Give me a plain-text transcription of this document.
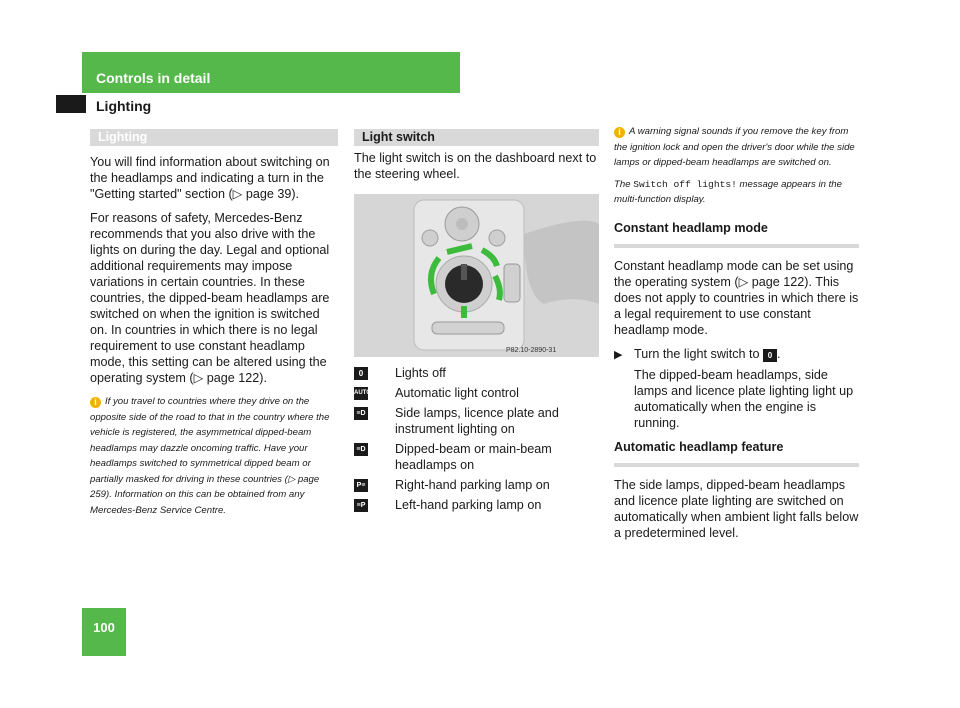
Controls in detail
Lighting
100
Lighting

You will find information about switching on the headlamps and indicating a turn in the "Getting started" section (▷ page 39).

For reasons of safety, Mercedes-Benz recommends that you also drive with the lights on during the day. Legal and optional additional requirements may impose variations in certain countries. In these countries, the dipped-beam headlamps are switched on when the ignition is switched on. In countries in which there is no legal requirement to use constant headlamp mode, this setting can be altered using the operating system (▷ page 122).

i If you travel to countries where they drive on the opposite side of the road to that in the country where the vehicle is registered, the asymmetrical dipped-beam headlamps may dazzle oncoming traffic. Have your headlamps switched to symmetrical dipped beam or partially masked for driving in these countries (▷ page 259). Information on this can be obtained from any Mercedes-Benz Service Centre.
Light switch

The light switch is on the dashboard next to the steering wheel.

P82.10-2890-31
0	Lights off
AUTO Automatic light control
≡D Side lamps, licence plate and instrument lighting on
≡D Dipped-beam or main-beam headlamps on
P≡ Right-hand parking lamp on
≡P Left-hand parking lamp on
i A warning signal sounds if you remove the key from the ignition lock and open the driver's door while the side lamps or dipped-beam headlamps are switched on.
The Switch off lights! message appears in the multi-function display.
Constant headlamp mode

Constant headlamp mode can be set using the operating system (▷ page 122). This does not apply to countries in which there is a legal requirement to use constant headlamp mode.

▶ Turn the light switch to 0 .

The dipped-beam headlamps, side lamps and licence plate lighting light up automatically when the engine is running.

Automatic headlamp feature

The side lamps, dipped-beam headlamps and licence plate lighting are switched on automatically when ambient light falls below a predetermined level.
